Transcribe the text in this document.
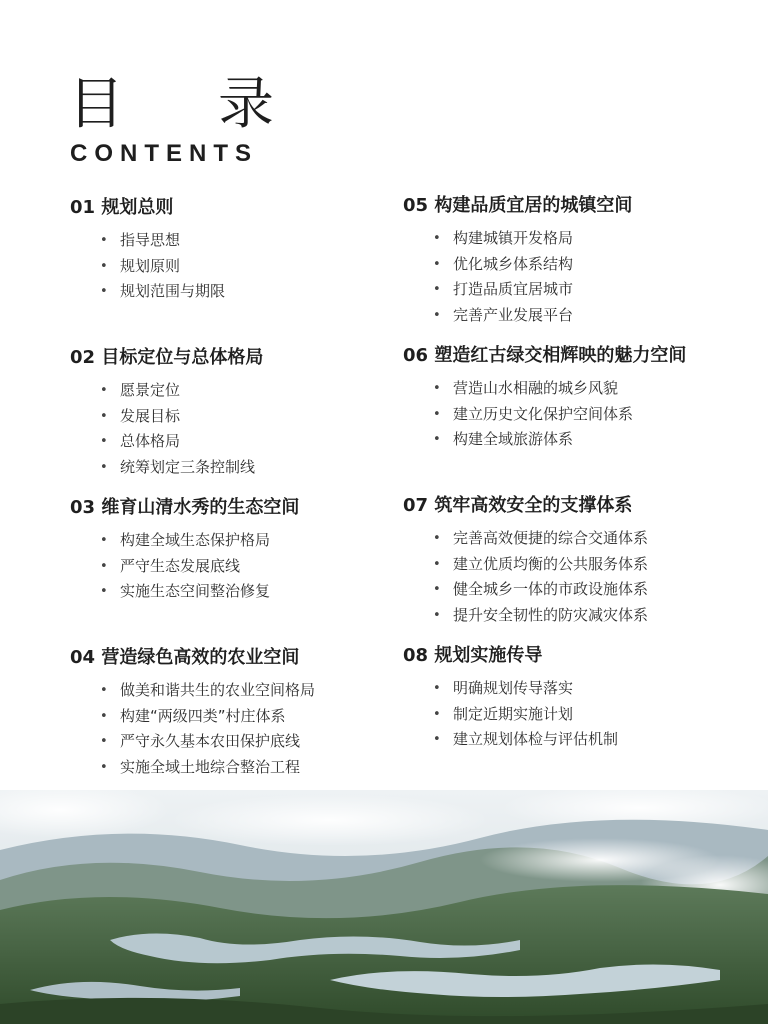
目 录
CONTENTS
01 规划总则
• 指导思想
• 规划原则
• 规划范围与期限
02 目标定位与总体格局
• 愿景定位
• 发展目标
• 总体格局
• 统筹划定三条控制线
03 维育山清水秀的生态空间
• 构建全域生态保护格局
• 严守生态发展底线
• 实施生态空间整治修复
04 营造绿色高效的农业空间
• 做美和谐共生的农业空间格局
• 构建“两级四类”村庄体系
• 严守永久基本农田保护底线
• 实施全域土地综合整治工程
05 构建品质宜居的城镇空间
• 构建城镇开发格局
• 优化城乡体系结构
• 打造品质宜居城市
• 完善产业发展平台
06 塑造红古绿交相辉映的魅力空间
• 营造山水相融的城乡风貌
• 建立历史文化保护空间体系
• 构建全域旅游体系
07 筑牢高效安全的支撑体系
• 完善高效便捷的综合交通体系
• 建立优质均衡的公共服务体系
• 健全城乡一体的市政设施体系
• 提升安全韧性的防灾减灾体系
08 规划实施传导
• 明确规划传导落实
• 制定近期实施计划
• 建立规划体检与评估机制
